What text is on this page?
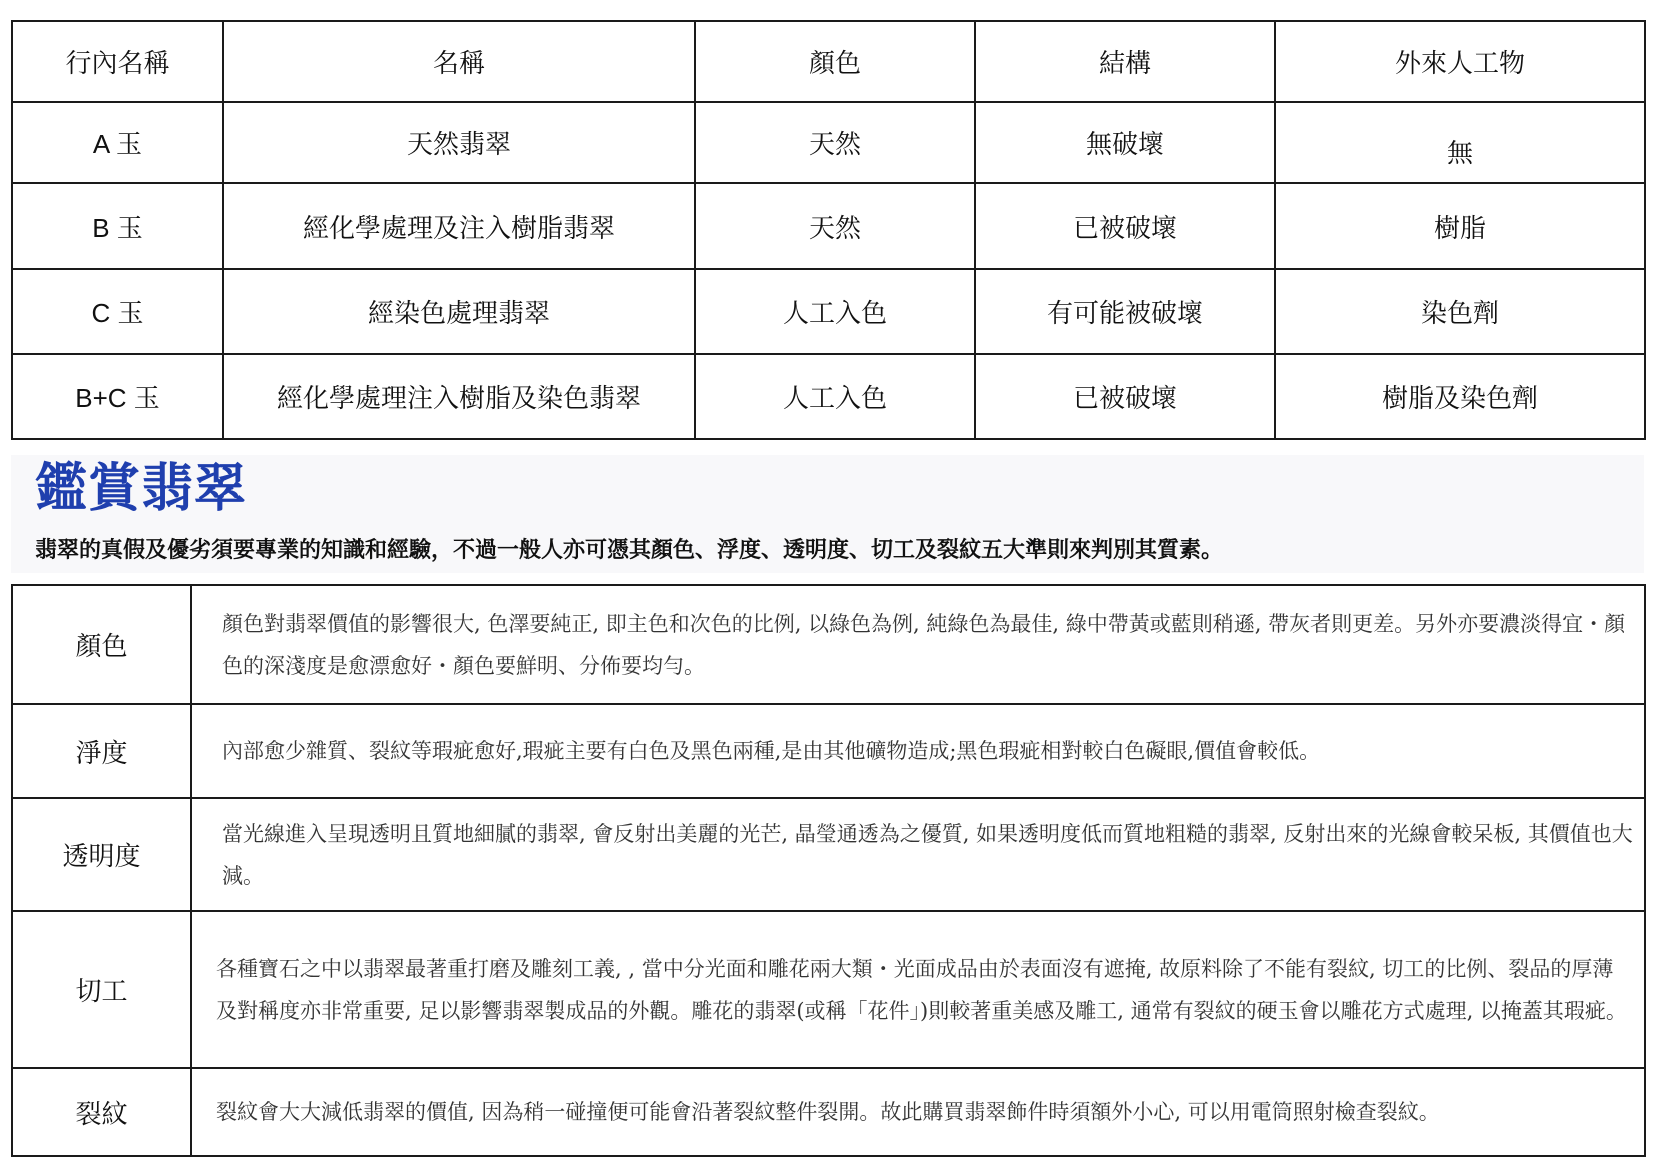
行內名稱	名稱	顏色	結構	外來人工物
A 玉	天然翡翠	天然	無破壞	無
B 玉	經化學處理及注入樹脂翡翠	天然	已被破壞	樹脂
C 玉	經染色處理翡翠	人工入色	有可能被破壞	染色劑
B+C 玉	經化學處理注入樹脂及染色翡翠	人工入色	已被破壞	樹脂及染色劑
鑑賞翡翠

翡翠的真假及優劣須要專業的知識和經驗，不過一般人亦可憑其顏色、浮度、透明度、切工及裂紋五大準則來判別其質素。

顏色	顏色對翡翠價值的影響很大, 色澤要純正, 即主色和次色的比例, 以綠色為例, 純綠色為最佳, 綠中帶黃或藍則稍遜, 帶灰者則更差。另外亦要濃淡得宜・顏色的深淺度是愈漂愈好・顏色要鮮明、分佈要均勻。
淨度	內部愈少雜質、裂紋等瑕疵愈好,瑕疵主要有白色及黑色兩種,是由其他礦物造成;黑色瑕疵相對較白色礙眼,價值會較低。
透明度	當光線進入呈現透明且質地細膩的翡翠, 會反射出美麗的光芒, 晶瑩通透為之優質, 如果透明度低而質地粗糙的翡翠, 反射出來的光線會較呆板, 其價值也大減。
切工	各種寶石之中以翡翠最著重打磨及雕刻工義, , 當中分光面和雕花兩大類・光面成品由於表面沒有遮掩, 故原料除了不能有裂紋, 切工的比例、裂品的厚薄及對稱度亦非常重要, 足以影響翡翠製成品的外觀。雕花的翡翠(或稱「花件」)則較著重美感及雕工, 通常有裂紋的硬玉會以雕花方式處理, 以掩蓋其瑕疵。
裂紋	裂紋會大大減低翡翠的價值, 因為稍一碰撞便可能會沿著裂紋整件裂開。故此購買翡翠飾件時須額外小心, 可以用電筒照射檢查裂紋。
